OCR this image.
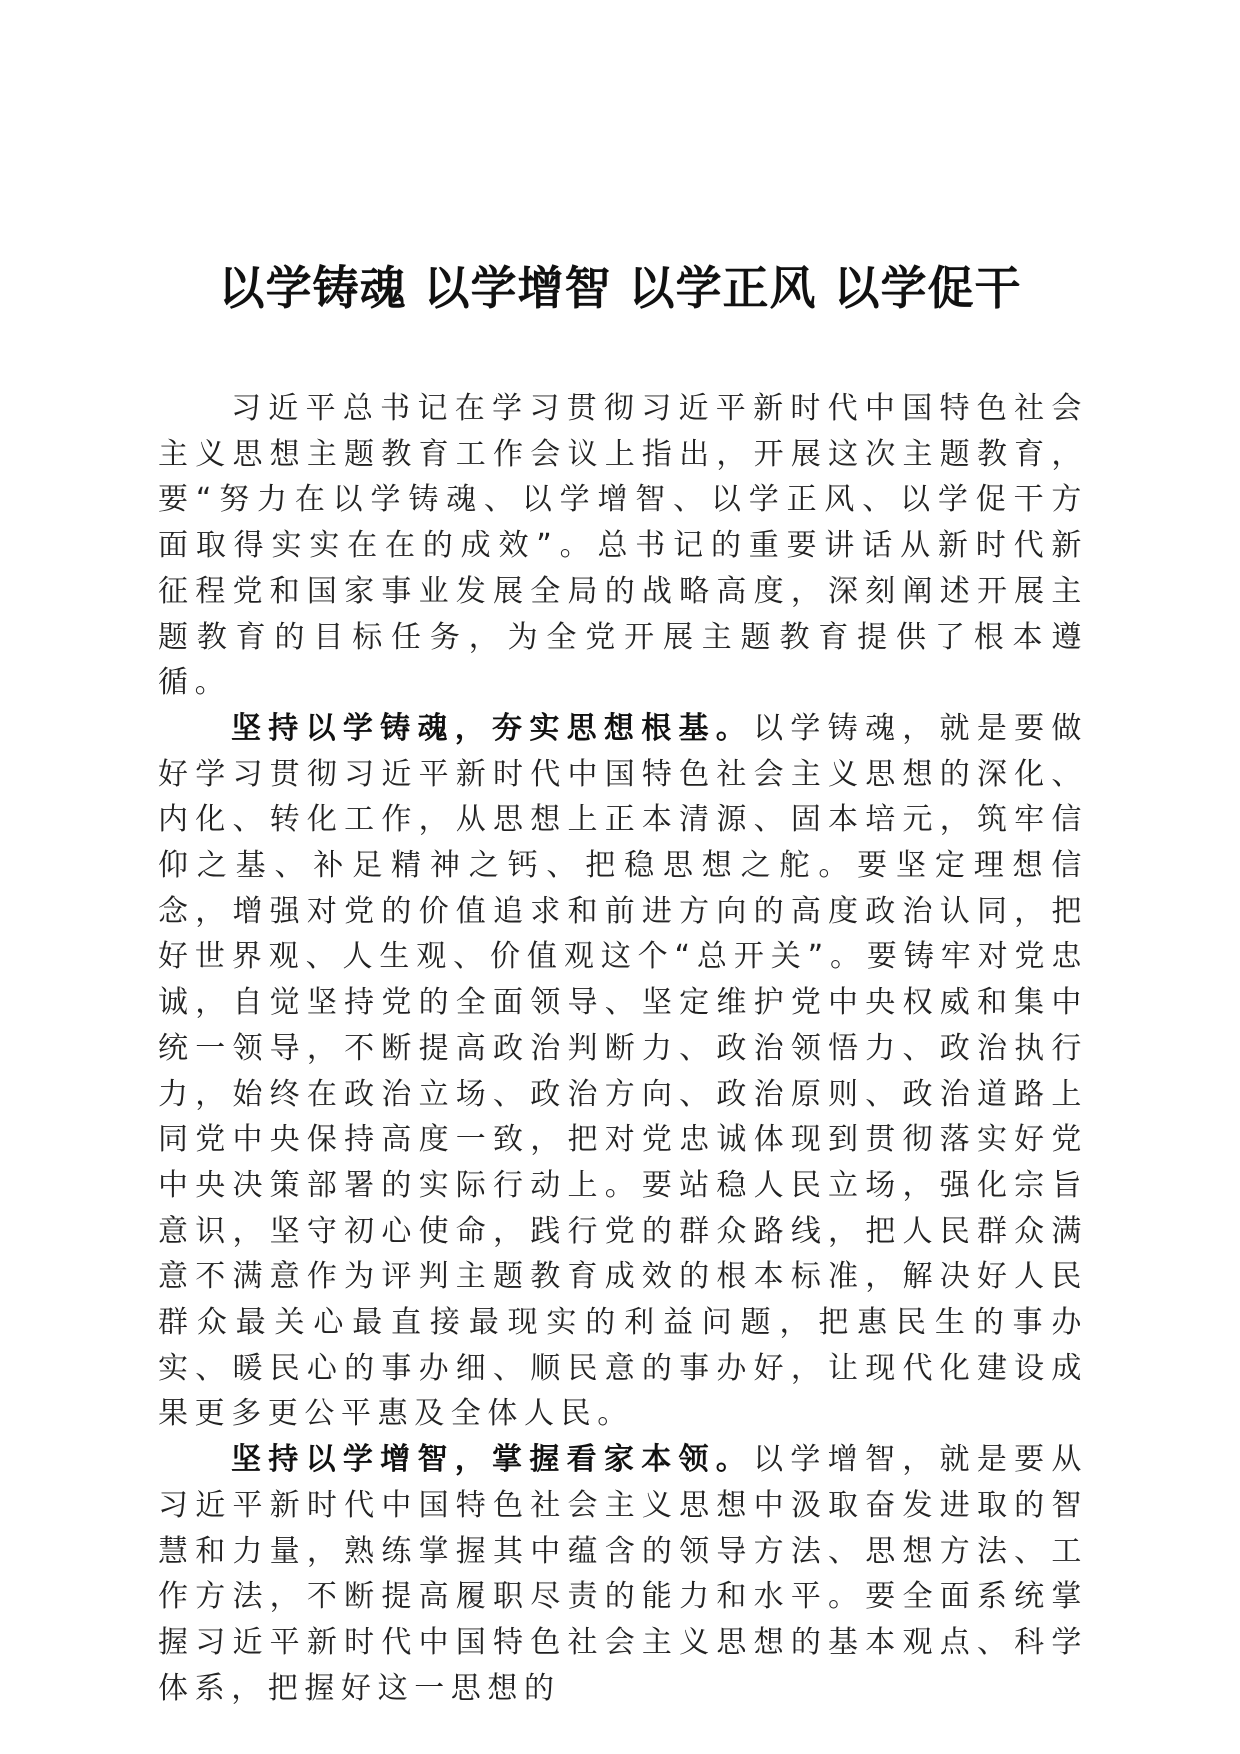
以学铸魂 以学增智 以学正风 以学促干

习近平总书记在学习贯彻习近平新时代中国特色社会主义思想主题教育工作会议上指出，开展这次主题教育，要“努力在以学铸魂、以学增智、以学正风、以学促干方面取得实实在在的成效”。总书记的重要讲话从新时代新征程党和国家事业发展全局的战略高度，深刻阐述开展主题教育的目标任务，为全党开展主题教育提供了根本遵循。

坚持以学铸魂，夯实思想根基。以学铸魂，就是要做好学习贯彻习近平新时代中国特色社会主义思想的深化、内化、转化工作，从思想上正本清源、固本培元，筑牢信仰之基、补足精神之钙、把稳思想之舵。要坚定理想信念，增强对党的价值追求和前进方向的高度政治认同，把好世界观、人生观、价值观这个“总开关”。要铸牢对党忠诚，自觉坚持党的全面领导、坚定维护党中央权威和集中统一领导，不断提高政治判断力、政治领悟力、政治执行力，始终在政治立场、政治方向、政治原则、政治道路上同党中央保持高度一致，把对党忠诚体现到贯彻落实好党中央决策部署的实际行动上。要站稳人民立场，强化宗旨意识，坚守初心使命，践行党的群众路线，把人民群众满意不满意作为评判主题教育成效的根本标准，解决好人民群众最关心最直接最现实的利益问题，把惠民生的事办实、暖民心的事办细、顺民意的事办好，让现代化建设成果更多更公平惠及全体人民。

坚持以学增智，掌握看家本领。以学增智，就是要从习近平新时代中国特色社会主义思想中汲取奋发进取的智慧和力量，熟练掌握其中蕴含的领导方法、思想方法、工作方法，不断提高履职尽责的能力和水平。要全面系统掌握习近平新时代中国特色社会主义思想的基本观点、科学体系，把握好这一思想的
